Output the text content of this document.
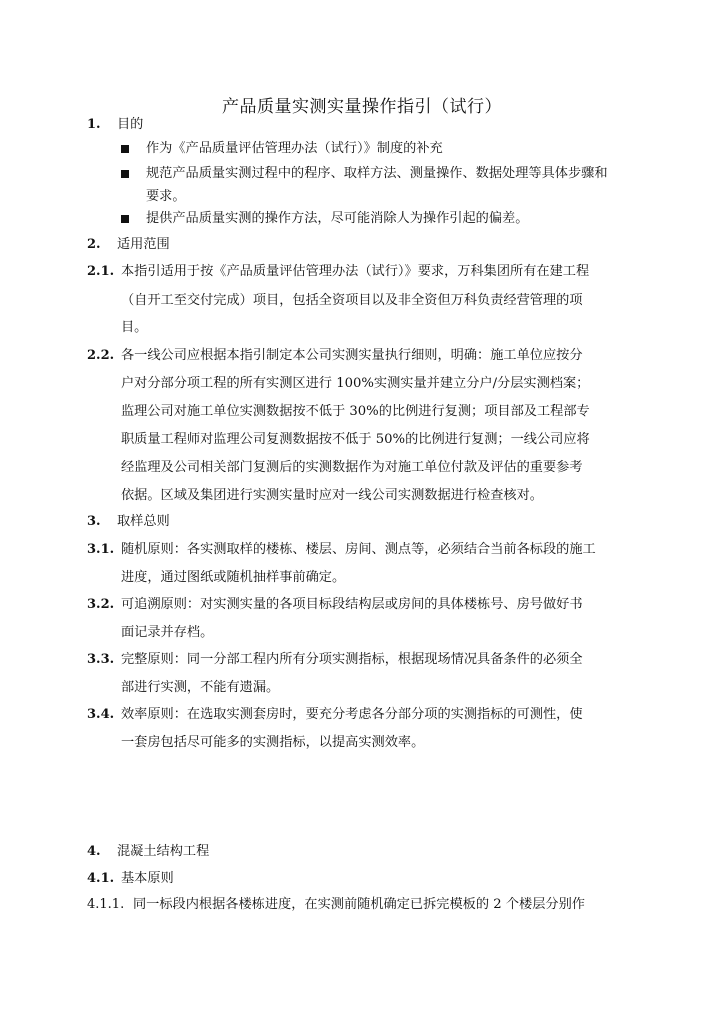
产品质量实测实量操作指引（试行）
1. 目的
作为《产品质量评估管理办法（试行）》制度的补充
规范产品质量实测过程中的程序、取样方法、测量操作、数据处理等具体步骤和
要求。
提供产品质量实测的操作方法，尽可能消除人为操作引起的偏差。
2. 适用范围
2.1. 本指引适用于按《产品质量评估管理办法（试行）》要求，万科集团所有在建工程
（自开工至交付完成）项目，包括全资项目以及非全资但万科负责经营管理的项
目。
2.2. 各一线公司应根据本指引制定本公司实测实量执行细则，明确：施工单位应按分
户对分部分项工程的所有实测区进行 100%实测实量并建立分户/分层实测档案；
监理公司对施工单位实测数据按不低于 30%的比例进行复测；项目部及工程部专
职质量工程师对监理公司复测数据按不低于 50%的比例进行复测；一线公司应将
经监理及公司相关部门复测后的实测数据作为对施工单位付款及评估的重要参考
依据。区域及集团进行实测实量时应对一线公司实测数据进行检查核对。
3. 取样总则
3.1. 随机原则：各实测取样的楼栋、楼层、房间、测点等，必须结合当前各标段的施工
进度，通过图纸或随机抽样事前确定。
3.2. 可追溯原则：对实测实量的各项目标段结构层或房间的具体楼栋号、房号做好书
面记录并存档。
3.3. 完整原则：同一分部工程内所有分项实测指标，根据现场情况具备条件的必须全
部进行实测，不能有遗漏。
3.4. 效率原则：在选取实测套房时，要充分考虑各分部分项的实测指标的可测性，使
一套房包括尽可能多的实测指标，以提高实测效率。
4. 混凝土结构工程
4.1. 基本原则
4.1.1. 同一标段内根据各楼栋进度，在实测前随机确定已拆完模板的 2 个楼层分别作
